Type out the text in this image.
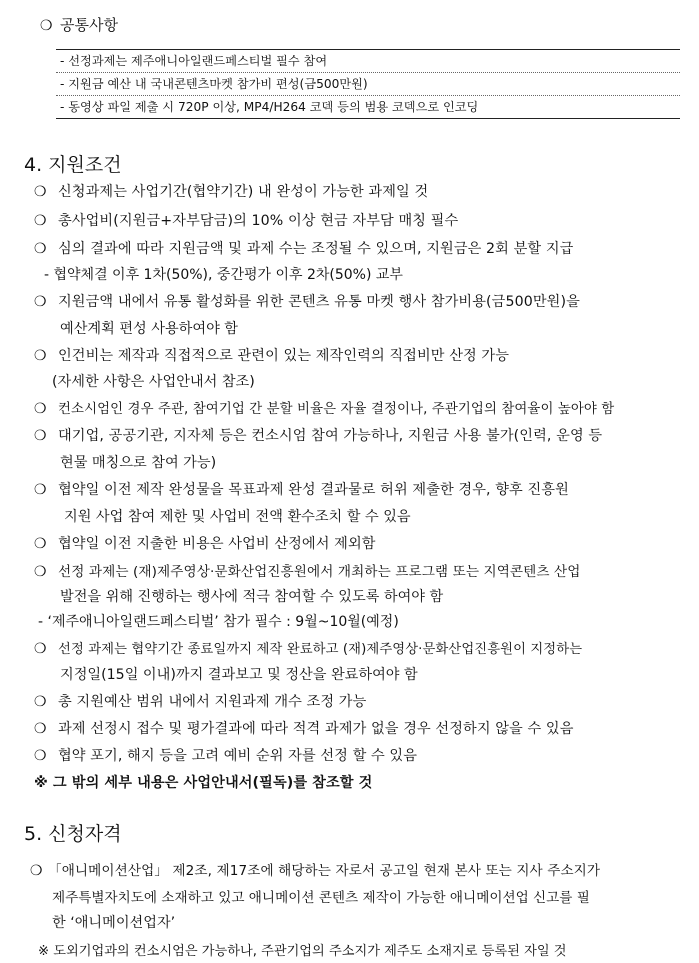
❍ 공통사항
- 선정과제는 제주애니아일랜드페스티벌 필수 참여
- 지원금 예산 내 국내콘텐츠마켓 참가비 편성(금500만원)
- 동영상 파일 제출 시 720P 이상, MP4/H264 코덱 등의 범용 코덱으로 인코딩
4. 지원조건
❍ 신청과제는 사업기간(협약기간) 내 완성이 가능한 과제일 것
❍ 총사업비(지원금+자부담금)의 10% 이상 현금 자부담 매칭 필수
❍ 심의 결과에 따라 지원금액 및 과제 수는 조정될 수 있으며, 지원금은 2회 분할 지급
- 협약체결 이후 1차(50%), 중간평가 이후 2차(50%) 교부
❍ 지원금액 내에서 유통 활성화를 위한 콘텐츠 유통 마켓 행사 참가비용(금500만원)을
예산계획 편성 사용하여야 함
❍ 인건비는 제작과 직접적으로 관련이 있는 제작인력의 직접비만 산정 가능
(자세한 사항은 사업안내서 참조)
❍ 컨소시엄인 경우 주관, 참여기업 간 분할 비율은 자율 결정이나, 주관기업의 참여율이 높아야 함
❍ 대기업, 공공기관, 지자체 등은 컨소시엄 참여 가능하나, 지원금 사용 불가(인력, 운영 등
현물 매칭으로 참여 가능)
❍ 협약일 이전 제작 완성물을 목표과제 완성 결과물로 허위 제출한 경우, 향후 진흥원
지원 사업 참여 제한 및 사업비 전액 환수조치 할 수 있음
❍ 협약일 이전 지출한 비용은 사업비 산정에서 제외함
❍ 선정 과제는 (재)제주영상·문화산업진흥원에서 개최하는 프로그램 또는 지역콘텐츠 산업
발전을 위해 진행하는 행사에 적극 참여할 수 있도록 하여야 함
- ‘제주애니아일랜드페스티벌’ 참가 필수 : 9월~10월(예정)
❍ 선정 과제는 협약기간 종료일까지 제작 완료하고 (재)제주영상·문화산업진흥원이 지정하는
지정일(15일 이내)까지 결과보고 및 정산을 완료하여야 함
❍ 총 지원예산 범위 내에서 지원과제 개수 조정 가능
❍ 과제 선정시 접수 및 평가결과에 따라 적격 과제가 없을 경우 선정하지 않을 수 있음
❍ 협약 포기, 해지 등을 고려 예비 순위 자를 선정 할 수 있음
※ 그 밖의 세부 내용은 사업안내서(필독)를 참조할 것
5. 신청자격
❍ 「애니메이션산업」 제2조, 제17조에 해당하는 자로서 공고일 현재 본사 또는 지사 주소지가
제주특별자치도에 소재하고 있고 애니메이션 콘텐츠 제작이 가능한 애니메이션업 신고를 필
한 ‘애니메이션업자’
※ 도외기업과의 컨소시엄은 가능하나, 주관기업의 주소지가 제주도 소재지로 등록된 자일 것
